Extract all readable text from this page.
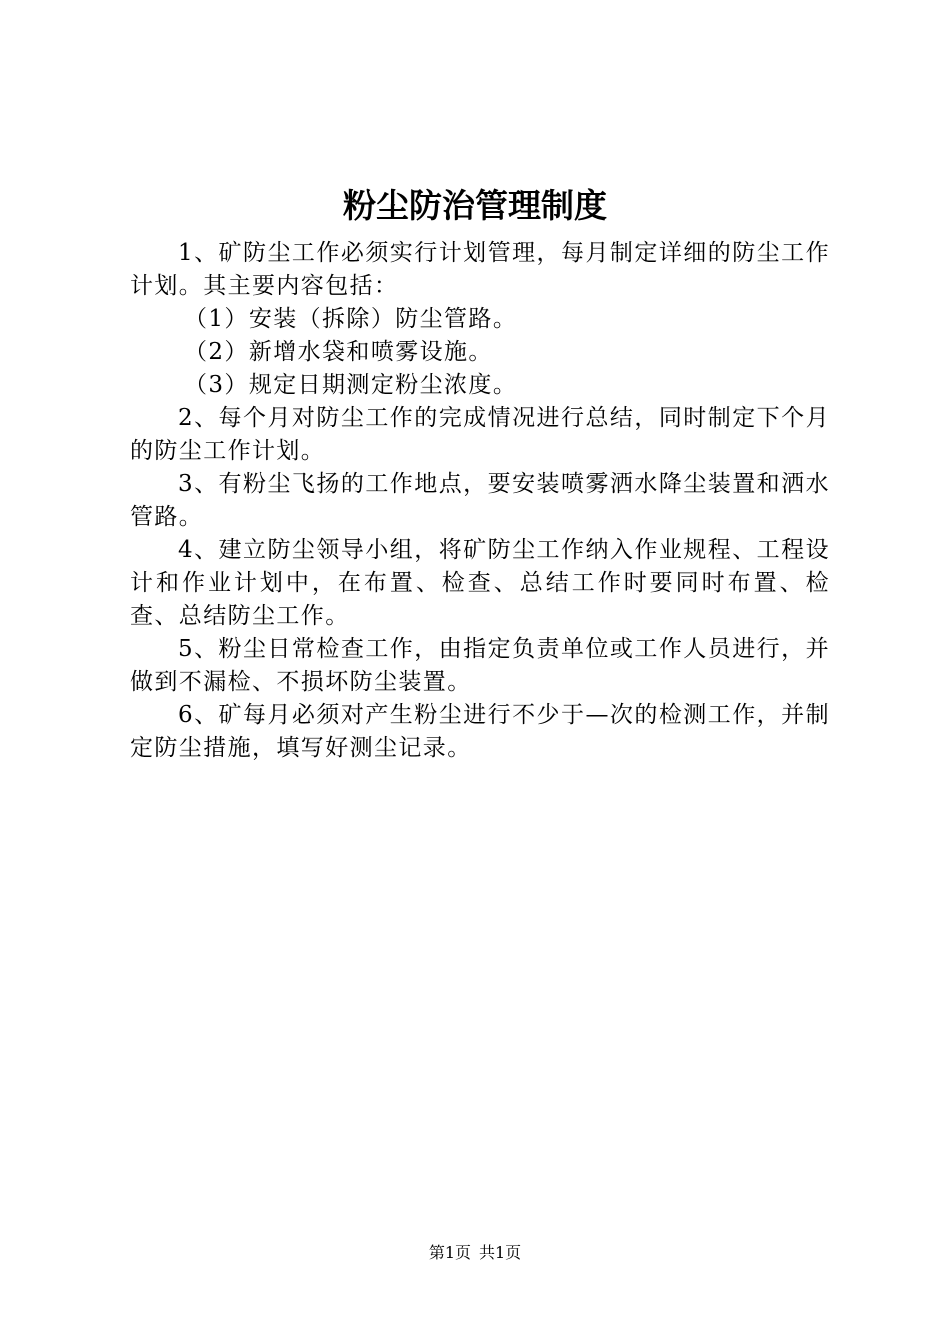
粉尘防治管理制度

1、矿防尘工作必须实行计划管理，每月制定详细的防尘工作计划。其主要内容包括：

（1）安装（拆除）防尘管路。

（2）新增水袋和喷雾设施。

（3）规定日期测定粉尘浓度。

2、每个月对防尘工作的完成情况进行总结，同时制定下个月的防尘工作计划。

3、有粉尘飞扬的工作地点，要安装喷雾洒水降尘装置和洒水管路。

4、建立防尘领导小组，将矿防尘工作纳入作业规程、工程设计和作业计划中，在布置、检查、总结工作时要同时布置、检查、总结防尘工作。

5、粉尘日常检查工作，由指定负责单位或工作人员进行，并做到不漏检、不损坏防尘装置。

6、矿每月必须对产生粉尘进行不少于—次的检测工作，并制定防尘措施，填写好测尘记录。

第1页 共1页
